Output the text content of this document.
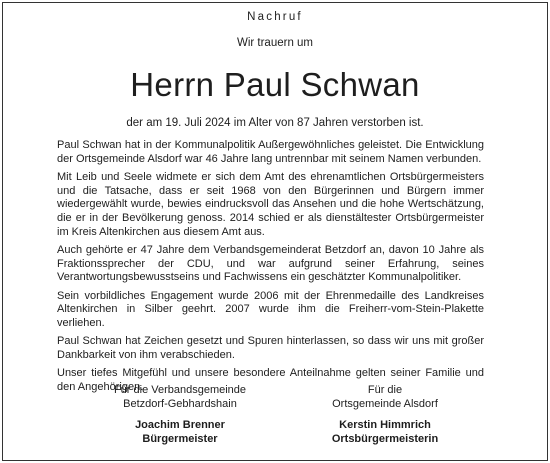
Nachruf
Wir trauern um
Herrn Paul Schwan
der am 19. Juli 2024 im Alter von 87 Jahren verstorben ist.

Paul Schwan hat in der Kommunalpolitik Außergewöhnliches geleistet. Die Entwicklung der Ortsgemeinde Alsdorf war 46 Jahre lang untrennbar mit seinem Namen verbunden.

Mit Leib und Seele widmete er sich dem Amt des ehrenamtlichen Ortsbürgermeisters und die Tatsache, dass er seit 1968 von den Bürgerinnen und Bürgern immer wiedergewählt wurde, bewies eindrucksvoll das Ansehen und die hohe Wertschätzung, die er in der Bevölkerung genoss. 2014 schied er als dienstältester Ortsbürgermeister im Kreis Altenkirchen aus diesem Amt aus.

Auch gehörte er 47 Jahre dem Verbandsgemeinderat Betzdorf an, davon 10 Jahre als Fraktionssprecher der CDU, und war aufgrund seiner Erfahrung, seines Verantwortungsbewusstseins und Fachwissens ein geschätzter Kommunalpolitiker.

Sein vorbildliches Engagement wurde 2006 mit der Ehrenmedaille des Landkreises Altenkirchen in Silber geehrt. 2007 wurde ihm die Freiherr-vom-Stein-Plakette verliehen.

Paul Schwan hat Zeichen gesetzt und Spuren hinterlassen, so dass wir uns mit großer Dankbarkeit von ihm verabschieden.

Unser tiefes Mitgefühl und unsere besondere Anteilnahme gelten seiner Familie und den Angehörigen.

Für die Verbandsgemeinde
Betzdorf-Gebhardshain
Joachim Brenner
Bürgermeister
Für die
Ortsgemeinde Alsdorf
Kerstin Himmrich
Ortsbürgermeisterin
